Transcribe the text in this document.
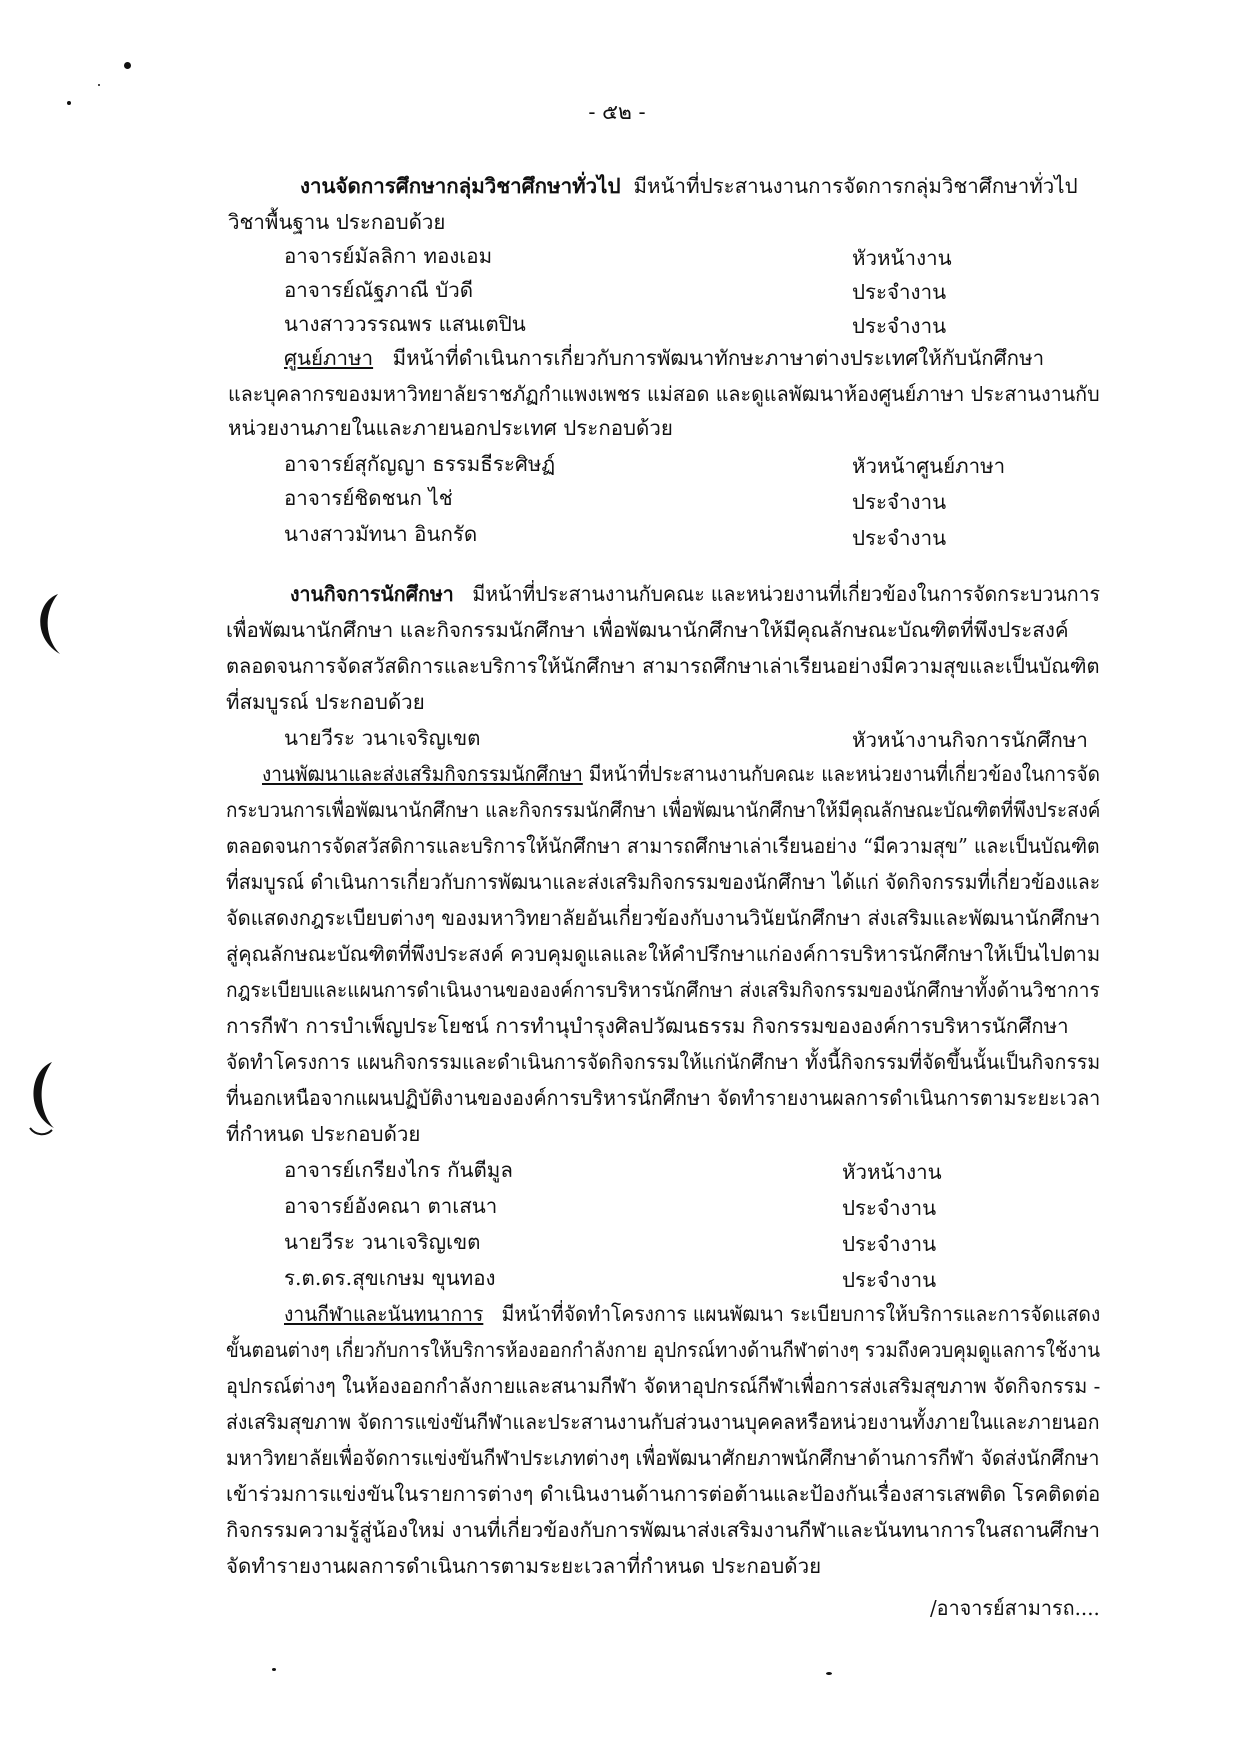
- ๕๒ -
งานจัดการศึกษากลุ่มวิชาศึกษาทั่วไป มีหน้าที่ประสานงานการจัดการกลุ่มวิชาศึกษาทั่วไป
วิชาพื้นฐาน ประกอบด้วย
อาจารย์มัลลิกา ทองเอม	หัวหน้างาน
อาจารย์ณัฐภาณี บัวดี	ประจำงาน
นางสาววรรณพร แสนเตปิน	ประจำงาน
ศูนย์ภาษา มีหน้าที่ดำเนินการเกี่ยวกับการพัฒนาทักษะภาษาต่างประเทศให้กับนักศึกษา
และบุคลากรของมหาวิทยาลัยราชภัฏกำแพงเพชร แม่สอด และดูแลพัฒนาห้องศูนย์ภาษา ประสานงานกับ
หน่วยงานภายในและภายนอกประเทศ ประกอบด้วย
อาจารย์สุกัญญา ธรรมธีระศิษฏ์	หัวหน้าศูนย์ภาษา
อาจารย์ชิดชนก ไช่	ประจำงาน
นางสาวมัทนา อินกรัด	ประจำงาน
งานกิจการนักศึกษา มีหน้าที่ประสานงานกับคณะ และหน่วยงานที่เกี่ยวข้องในการจัดกระบวนการ
เพื่อพัฒนานักศึกษา และกิจกรรมนักศึกษา เพื่อพัฒนานักศึกษาให้มีคุณลักษณะบัณฑิตที่พึงประสงค์
ตลอดจนการจัดสวัสดิการและบริการให้นักศึกษา สามารถศึกษาเล่าเรียนอย่างมีความสุขและเป็นบัณฑิต
ที่สมบูรณ์ ประกอบด้วย
นายวีระ วนาเจริญเขต	หัวหน้างานกิจการนักศึกษา
งานพัฒนาและส่งเสริมกิจกรรมนักศึกษา มีหน้าที่ประสานงานกับคณะ และหน่วยงานที่เกี่ยวข้องในการจัด
กระบวนการเพื่อพัฒนานักศึกษา และกิจกรรมนักศึกษา เพื่อพัฒนานักศึกษาให้มีคุณลักษณะบัณฑิตที่พึงประสงค์
ตลอดจนการจัดสวัสดิการและบริการให้นักศึกษา สามารถศึกษาเล่าเรียนอย่าง “มีความสุข” และเป็นบัณฑิต
ที่สมบูรณ์ ดำเนินการเกี่ยวกับการพัฒนาและส่งเสริมกิจกรรมของนักศึกษา ได้แก่ จัดกิจกรรมที่เกี่ยวข้องและ
จัดแสดงกฎระเบียบต่างๆ ของมหาวิทยาลัยอันเกี่ยวข้องกับงานวินัยนักศึกษา ส่งเสริมและพัฒนานักศึกษา
สู่คุณลักษณะบัณฑิตที่พึงประสงค์ ควบคุมดูแลและให้คำปรึกษาแก่องค์การบริหารนักศึกษาให้เป็นไปตาม
กฎระเบียบและแผนการดำเนินงานขององค์การบริหารนักศึกษา ส่งเสริมกิจกรรมของนักศึกษาทั้งด้านวิชาการ
การกีฬา การบำเพ็ญประโยชน์ การทำนุบำรุงศิลปวัฒนธรรม กิจกรรมขององค์การบริหารนักศึกษา
จัดทำโครงการ แผนกิจกรรมและดำเนินการจัดกิจกรรมให้แก่นักศึกษา ทั้งนี้กิจกรรมที่จัดขึ้นนั้นเป็นกิจกรรม
ที่นอกเหนือจากแผนปฏิบัติงานขององค์การบริหารนักศึกษา จัดทำรายงานผลการดำเนินการตามระยะเวลา
ที่กำหนด ประกอบด้วย
อาจารย์เกรียงไกร กันตีมูล	หัวหน้างาน
อาจารย์อังคณา ตาเสนา	ประจำงาน
นายวีระ วนาเจริญเขต	ประจำงาน
ร.ต.ดร.สุขเกษม ขุนทอง	ประจำงาน
งานกีฬาและนันทนาการ มีหน้าที่จัดทำโครงการ แผนพัฒนา ระเบียบการให้บริการและการจัดแสดง
ขั้นตอนต่างๆ เกี่ยวกับการให้บริการห้องออกกำลังกาย อุปกรณ์ทางด้านกีฬาต่างๆ รวมถึงควบคุมดูแลการใช้งาน
อุปกรณ์ต่างๆ ในห้องออกกำลังกายและสนามกีฬา จัดหาอุปกรณ์กีฬาเพื่อการส่งเสริมสุขภาพ จัดกิจกรรม -
ส่งเสริมสุขภาพ จัดการแข่งขันกีฬาและประสานงานกับส่วนงานบุคคลหรือหน่วยงานทั้งภายในและภายนอก
มหาวิทยาลัยเพื่อจัดการแข่งขันกีฬาประเภทต่างๆ เพื่อพัฒนาศักยภาพนักศึกษาด้านการกีฬา จัดส่งนักศึกษา
เข้าร่วมการแข่งขันในรายการต่างๆ ดำเนินงานด้านการต่อต้านและป้องกันเรื่องสารเสพติด โรคติดต่อ
กิจกรรมความรู้สู่น้องใหม่ งานที่เกี่ยวข้องกับการพัฒนาส่งเสริมงานกีฬาและนันทนาการในสถานศึกษา
จัดทำรายงานผลการดำเนินการตามระยะเวลาที่กำหนด ประกอบด้วย
/อาจารย์สามารถ....
